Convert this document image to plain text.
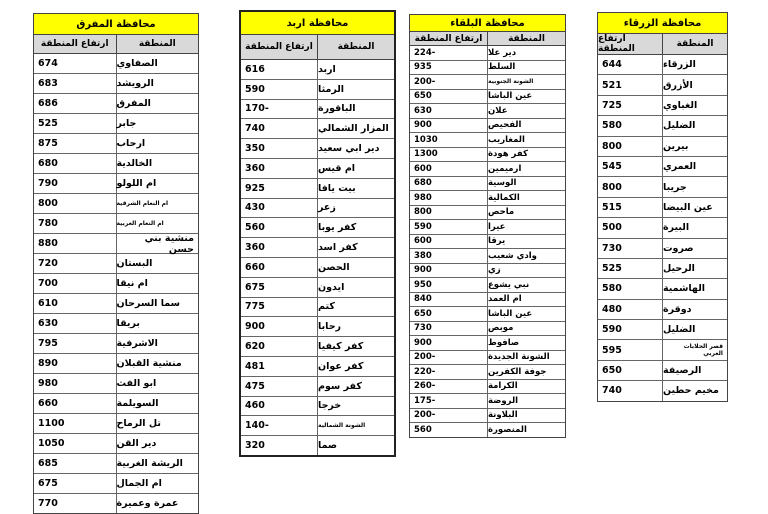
محافظة المفرق
ارتفاع المنطقة	المنطقة
674	الصفاوي
683	الرويشد
686	المفرق
525	جابر
875	ارحاب
680	الخالدية
790	ام اللولو
800	ام النعام الشرقية
780	ام النعام الغربية
880	منشية بني حسن
720	البستان
700	ام نيقا
610	سما السرحان
630	بريقا
795	الاشرفية
890	منشية القبلان
980	ابو الفث
660	السويلمة
1100	تل الرماح
1050	دير القن
685	الريشة الغربية
675	ام الجمال
770	عمرة وعميرة
محافظة اربد
ارتفاع المنطقة	المنطقة
616	اربد
590	الرمثا
170-	الباقورة
740	المزار الشمالي
350	دير ابي سعيد
360	ام قيس
925	بيت يافا
430	زعر
560	كفر يوبا
360	كفر اسد
660	الحصن
675	ايدون
775	كتم
900	رحابا
620	كفر كيفيا
481	كفر عوان
475	كفر سوم
460	خرجا
140-	الشونة الشمالية
320	صما
محافظة البلقاء
ارتفاع المنطقة	المنطقة
224-	دير علا
935	السلط
200-	الشونة الجنوبية
650	عين الباشا
630	علان
900	الفحيص
1030	المغاريب
1300	كفر هودة
600	ارميمين
680	الوسية
980	الكمالية
800	ماحص
590	عيرا
600	يرقا
380	وادي شعيب
900	زي
950	نبي يشوع
840	ام العمد
650	عين الباشا
730	موبص
900	صافوط
200-	الشونة الجديدة
220-	جوفة الكفرين
260-	الكرامة
175-	الروضة
200-	البلاونة
560	المنصورة
محافظة الزرقاء
ارتفاع المنطقة	المنطقة
644	الزرقاء
521	الأزرق
725	الغباوي
580	الضليل
800	بيرين
545	العمري
800	جريبا
515	عين البيضا
500	البيرة
730	صروت
525	الرحيل
580	الهاشمية
480	دوقرة
590	الضليل
595	قصر الحلابات الغربي
650	الرصيفة
740	مخيم حطين
